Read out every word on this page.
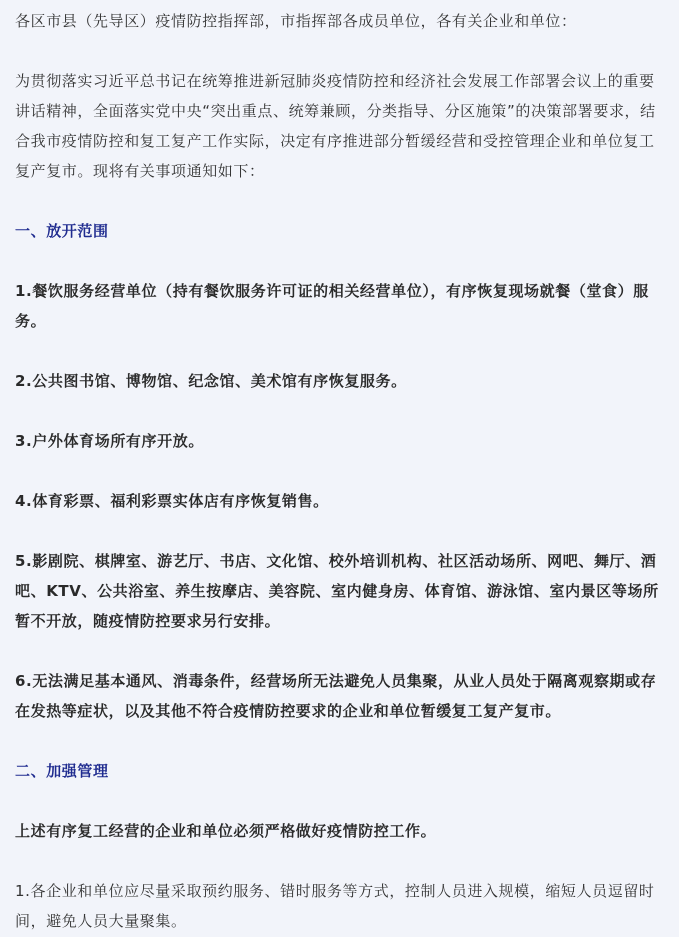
各区市县（先导区）疫情防控指挥部，市指挥部各成员单位，各有关企业和单位：

为贯彻落实习近平总书记在统筹推进新冠肺炎疫情防控和经济社会发展工作部署会议上的重要讲话精神，全面落实党中央“突出重点、统筹兼顾，分类指导、分区施策”的决策部署要求，结合我市疫情防控和复工复产工作实际，决定有序推进部分暂缓经营和受控管理企业和单位复工复产复市。现将有关事项通知如下：

一、放开范围

1.餐饮服务经营单位（持有餐饮服务许可证的相关经营单位），有序恢复现场就餐（堂食）服务。

2.公共图书馆、博物馆、纪念馆、美术馆有序恢复服务。

3.户外体育场所有序开放。

4.体育彩票、福利彩票实体店有序恢复销售。

5.影剧院、棋牌室、游艺厅、书店、文化馆、校外培训机构、社区活动场所、网吧、舞厅、酒吧、KTV、公共浴室、养生按摩店、美容院、室内健身房、体育馆、游泳馆、室内景区等场所暂不开放，随疫情防控要求另行安排。

6.无法满足基本通风、消毒条件，经营场所无法避免人员集聚，从业人员处于隔离观察期或存在发热等症状，以及其他不符合疫情防控要求的企业和单位暂缓复工复产复市。

二、加强管理

上述有序复工经营的企业和单位必须严格做好疫情防控工作。

1.各企业和单位应尽量采取预约服务、错时服务等方式，控制人员进入规模，缩短人员逗留时间，避免人员大量聚集。
